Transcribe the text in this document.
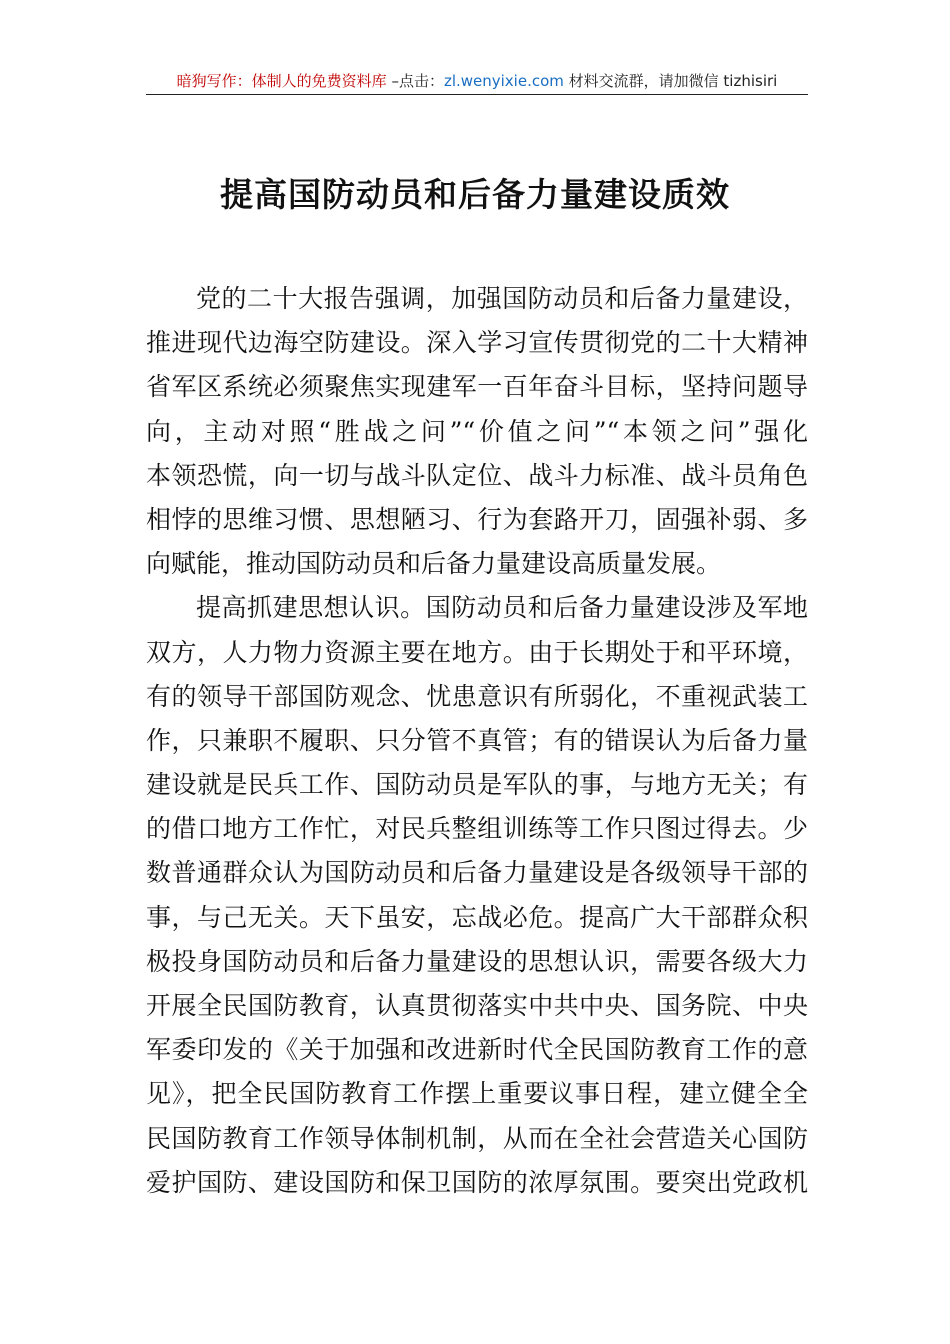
暗狗写作：体制人的免费资料库 –点击：zl.wenyixie.com 材料交流群，请加微信 tizhisiri
提高国防动员和后备力量建设质效
党的二十大报告强调，加强国防动员和后备力量建设，
推进现代边海空防建设。深入学习宣传贯彻党的二十大精神
省军区系统必须聚焦实现建军一百年奋斗目标，坚持问题导
向，主动对照“胜战之问”“价值之问”“本领之问”强化
本领恐慌，向一切与战斗队定位、战斗力标准、战斗员角色
相悖的思维习惯、思想陋习、行为套路开刀，固强补弱、多
向赋能，推动国防动员和后备力量建设高质量发展。
提高抓建思想认识。国防动员和后备力量建设涉及军地
双方，人力物力资源主要在地方。由于长期处于和平环境，
有的领导干部国防观念、忧患意识有所弱化，不重视武装工
作，只兼职不履职、只分管不真管；有的错误认为后备力量
建设就是民兵工作、国防动员是军队的事，与地方无关；有
的借口地方工作忙，对民兵整组训练等工作只图过得去。少
数普通群众认为国防动员和后备力量建设是各级领导干部的
事，与己无关。天下虽安，忘战必危。提高广大干部群众积
极投身国防动员和后备力量建设的思想认识，需要各级大力
开展全民国防教育，认真贯彻落实中共中央、国务院、中央
军委印发的《关于加强和改进新时代全民国防教育工作的意
见》，把全民国防教育工作摆上重要议事日程，建立健全全
民国防教育工作领导体制机制，从而在全社会营造关心国防
爱护国防、建设国防和保卫国防的浓厚氛围。要突出党政机
